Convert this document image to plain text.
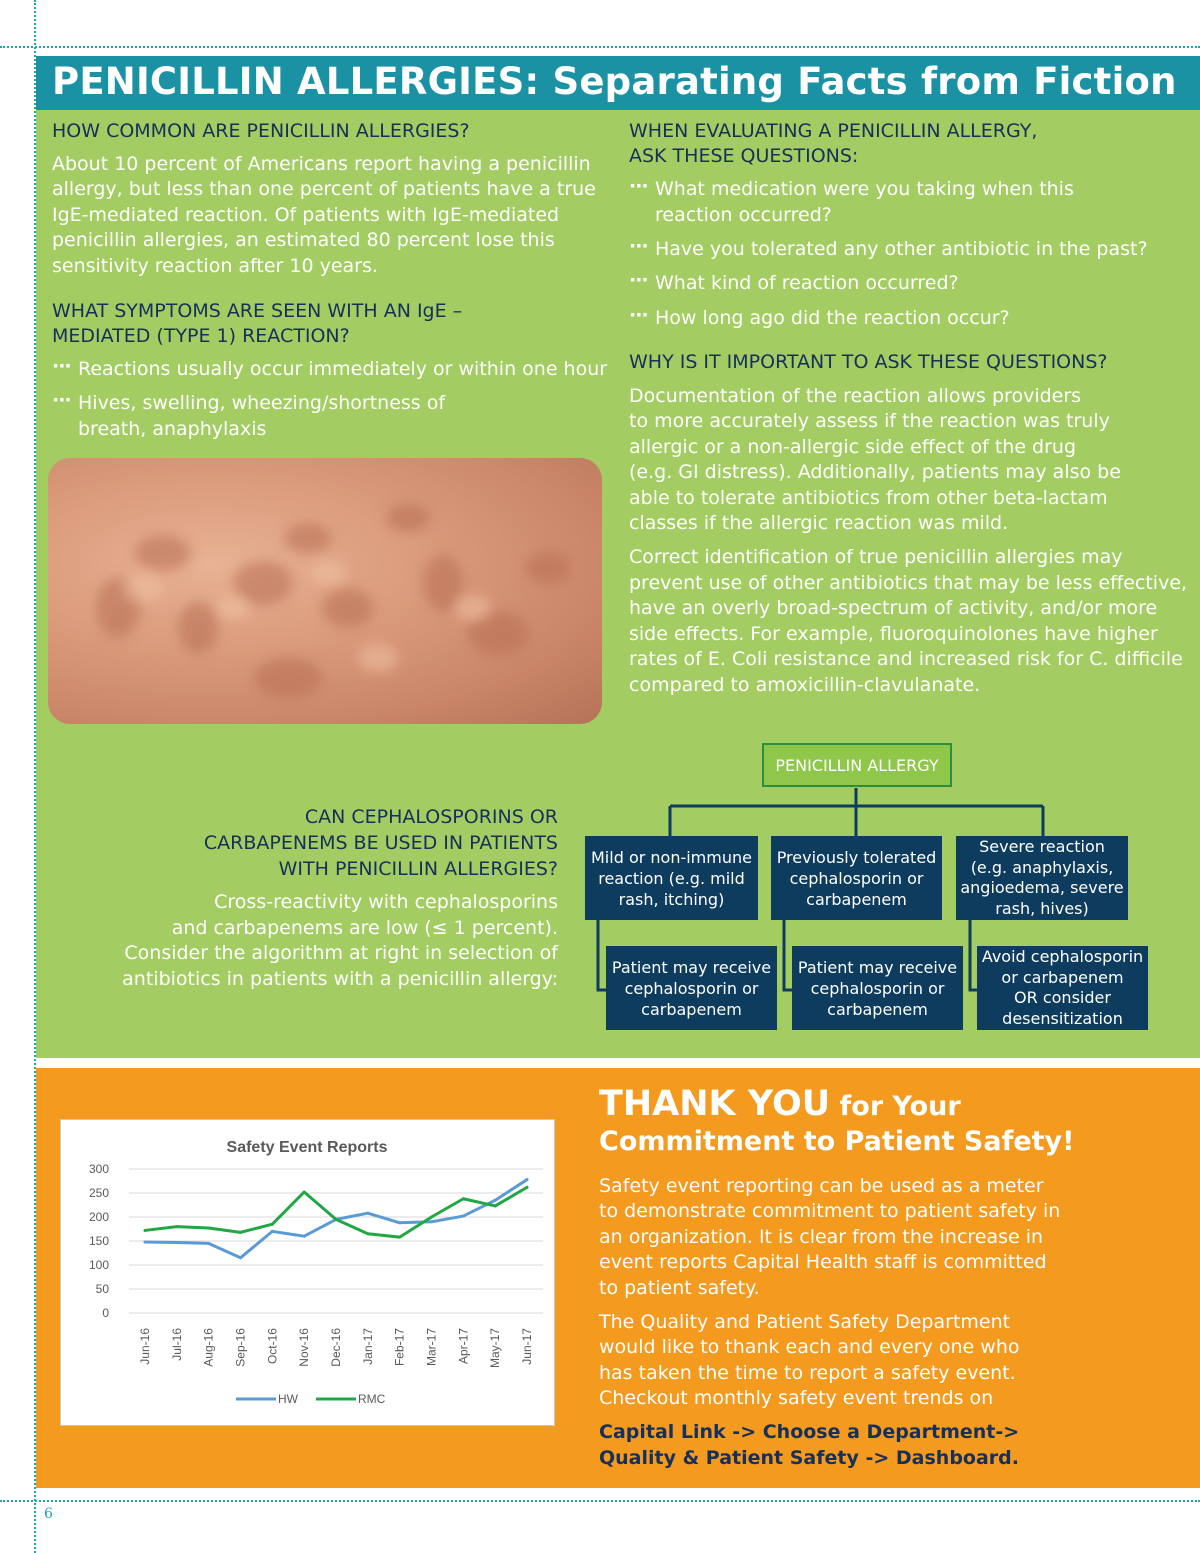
PENICILLIN ALLERGIES: Separating Facts from Fiction
HOW COMMON ARE PENICILLIN ALLERGIES?
About 10 percent of Americans report having a penicillin
allergy, but less than one percent of patients have a true
IgE-mediated reaction. Of patients with IgE-mediated
penicillin allergies, an estimated 80 percent lose this
sensitivity reaction after 10 years.
WHAT SYMPTOMS ARE SEEN WITH AN IgE –
MEDIATED (TYPE 1) REACTION?
··· Reactions usually occur immediately or within one hour
··· Hives, swelling, wheezing/shortness of
breath, anaphylaxis
WHEN EVALUATING A PENICILLIN ALLERGY,
ASK THESE QUESTIONS:
··· What medication were you taking when this
reaction occurred?
··· Have you tolerated any other antibiotic in the past?
··· What kind of reaction occurred?
··· How long ago did the reaction occur?
WHY IS IT IMPORTANT TO ASK THESE QUESTIONS?
Documentation of the reaction allows providers
to more accurately assess if the reaction was truly
allergic or a non-allergic side effect of the drug
(e.g. GI distress). Additionally, patients may also be
able to tolerate antibiotics from other beta-lactam
classes if the allergic reaction was mild.
Correct identification of true penicillin allergies may
prevent use of other antibiotics that may be less effective,
have an overly broad-spectrum of activity, and/or more
side effects. For example, fluoroquinolones have higher
rates of E. Coli resistance and increased risk for C. difficile
compared to amoxicillin-clavulanate.
CAN CEPHALOSPORINS OR
CARBAPENEMS BE USED IN PATIENTS
WITH PENICILLIN ALLERGIES?
Cross-reactivity with cephalosporins
and carbapenems are low (≤ 1 percent).
Consider the algorithm at right in selection of
antibiotics in patients with a penicillin allergy:
PENICILLIN ALLERGY
Mild or non-immune
reaction (e.g. mild
rash, itching)
Previously tolerated
cephalosporin or
carbapenem
Severe reaction
(e.g. anaphylaxis,
angioedema, severe
rash, hives)
Patient may receive
cephalosporin or
carbapenem
Patient may receive
cephalosporin or
carbapenem
Avoid cephalosporin
or carbapenem
OR consider
desensitization
Safety Event Reports
0
50
100
150
200
250
300
Jun-16 Jul-16 Aug-16 Sep-16 Oct-16 Nov-16 Dec-16 Jan-17 Feb-17 Mar-17 Apr-17 May-17 Jun-17
HW	RMC
THANK YOU for Your
Commitment to Patient Safety!
Safety event reporting can be used as a meter
to demonstrate commitment to patient safety in
an organization. It is clear from the increase in
event reports Capital Health staff is committed
to patient safety.
The Quality and Patient Safety Department
would like to thank each and every one who
has taken the time to report a safety event.
Checkout monthly safety event trends on
Capital Link -> Choose a Department->
Quality & Patient Safety -> Dashboard.
6
